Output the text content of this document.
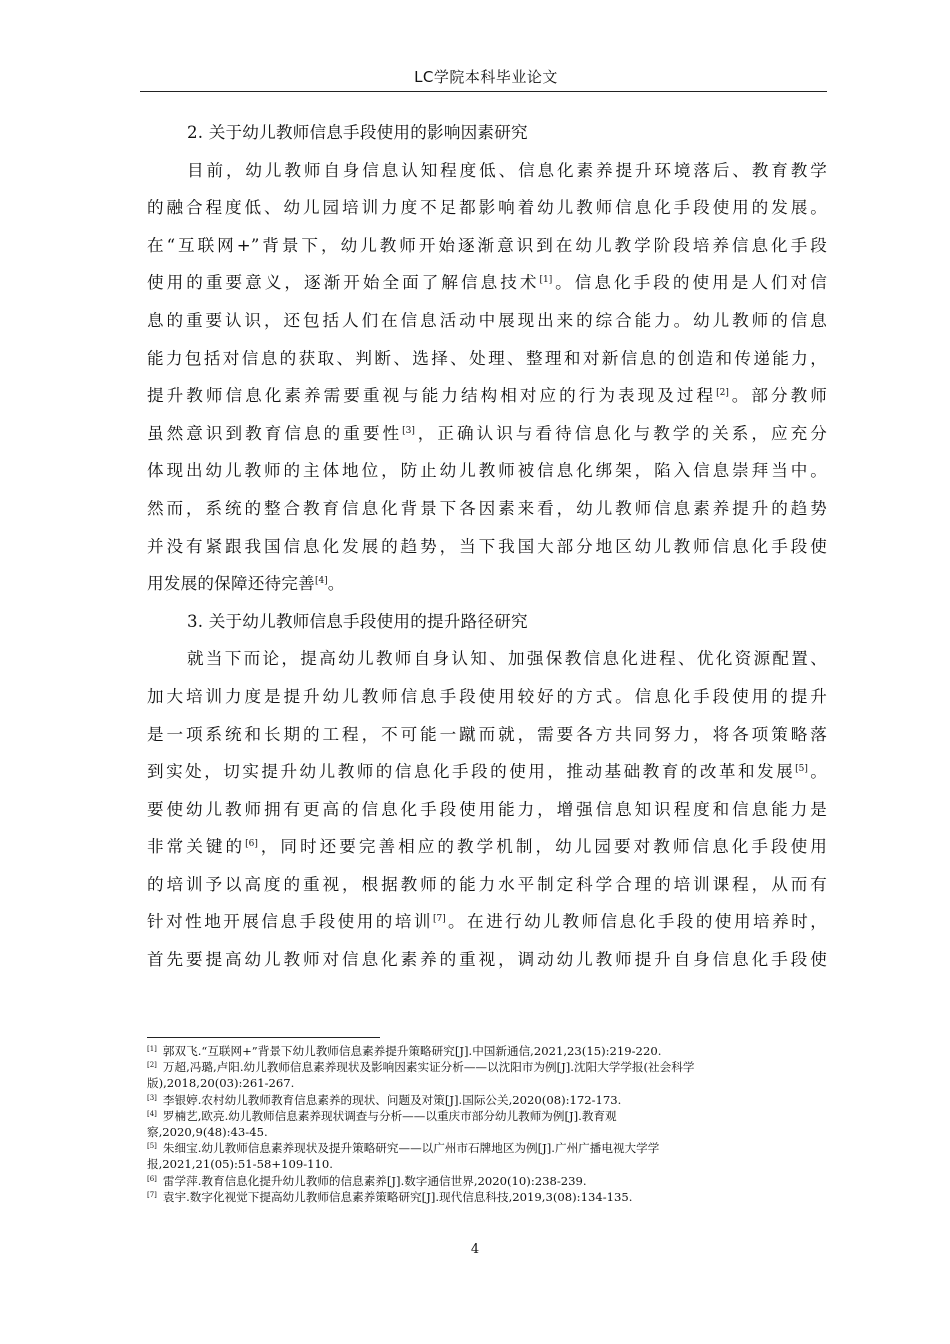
LC学院本科毕业论文
2. 关于幼儿教师信息手段使用的影响因素研究
目前，幼儿教师自身信息认知程度低、信息化素养提升环境落后、教育教学
的融合程度低、幼儿园培训力度不足都影响着幼儿教师信息化手段使用的发展。
在“互联网+”背景下，幼儿教师开始逐渐意识到在幼儿教学阶段培养信息化手段
使用的重要意义，逐渐开始全面了解信息技术[1]。信息化手段的使用是人们对信
息的重要认识，还包括人们在信息活动中展现出来的综合能力。幼儿教师的信息
能力包括对信息的获取、判断、选择、处理、整理和对新信息的创造和传递能力，
提升教师信息化素养需要重视与能力结构相对应的行为表现及过程[2]。部分教师
虽然意识到教育信息的重要性[3]，正确认识与看待信息化与教学的关系，应充分
体现出幼儿教师的主体地位，防止幼儿教师被信息化绑架，陷入信息崇拜当中。
然而，系统的整合教育信息化背景下各因素来看，幼儿教师信息素养提升的趋势
并没有紧跟我国信息化发展的趋势，当下我国大部分地区幼儿教师信息化手段使
用发展的保障还待完善[4]。
3. 关于幼儿教师信息手段使用的提升路径研究
就当下而论，提高幼儿教师自身认知、加强保教信息化进程、优化资源配置、
加大培训力度是提升幼儿教师信息手段使用较好的方式。信息化手段使用的提升
是一项系统和长期的工程，不可能一蹴而就，需要各方共同努力，将各项策略落
到实处，切实提升幼儿教师的信息化手段的使用，推动基础教育的改革和发展[5]。
要使幼儿教师拥有更高的信息化手段使用能力，增强信息知识程度和信息能力是
非常关键的[6]，同时还要完善相应的教学机制，幼儿园要对教师信息化手段使用
的培训予以高度的重视，根据教师的能力水平制定科学合理的培训课程，从而有
针对性地开展信息手段使用的培训[7]。在进行幼儿教师信息化手段的使用培养时，
首先要提高幼儿教师对信息化素养的重视，调动幼儿教师提升自身信息化手段使
[1] 郭双飞.“互联网+”背景下幼儿教师信息素养提升策略研究[J].中国新通信,2021,23(15):219-220.
[2] 万超,冯璐,卢阳.幼儿教师信息素养现状及影响因素实证分析——以沈阳市为例[J].沈阳大学学报(社会科学
版),2018,20(03):261-267.
[3] 李银婷.农村幼儿教师教育信息素养的现状、问题及对策[J].国际公关,2020(08):172-173.
[4] 罗楠艺,欧亮.幼儿教师信息素养现状调查与分析——以重庆市部分幼儿教师为例[J].教育观
察,2020,9(48):43-45.
[5] 朱细宝.幼儿教师信息素养现状及提升策略研究——以广州市石牌地区为例[J].广州广播电视大学学
报,2021,21(05):51-58+109-110.
[6] 雷学萍.教育信息化提升幼儿教师的信息素养[J].数字通信世界,2020(10):238-239.
[7] 袁宇.数字化视觉下提高幼儿教师信息素养策略研究[J].现代信息科技,2019,3(08):134-135.
4
